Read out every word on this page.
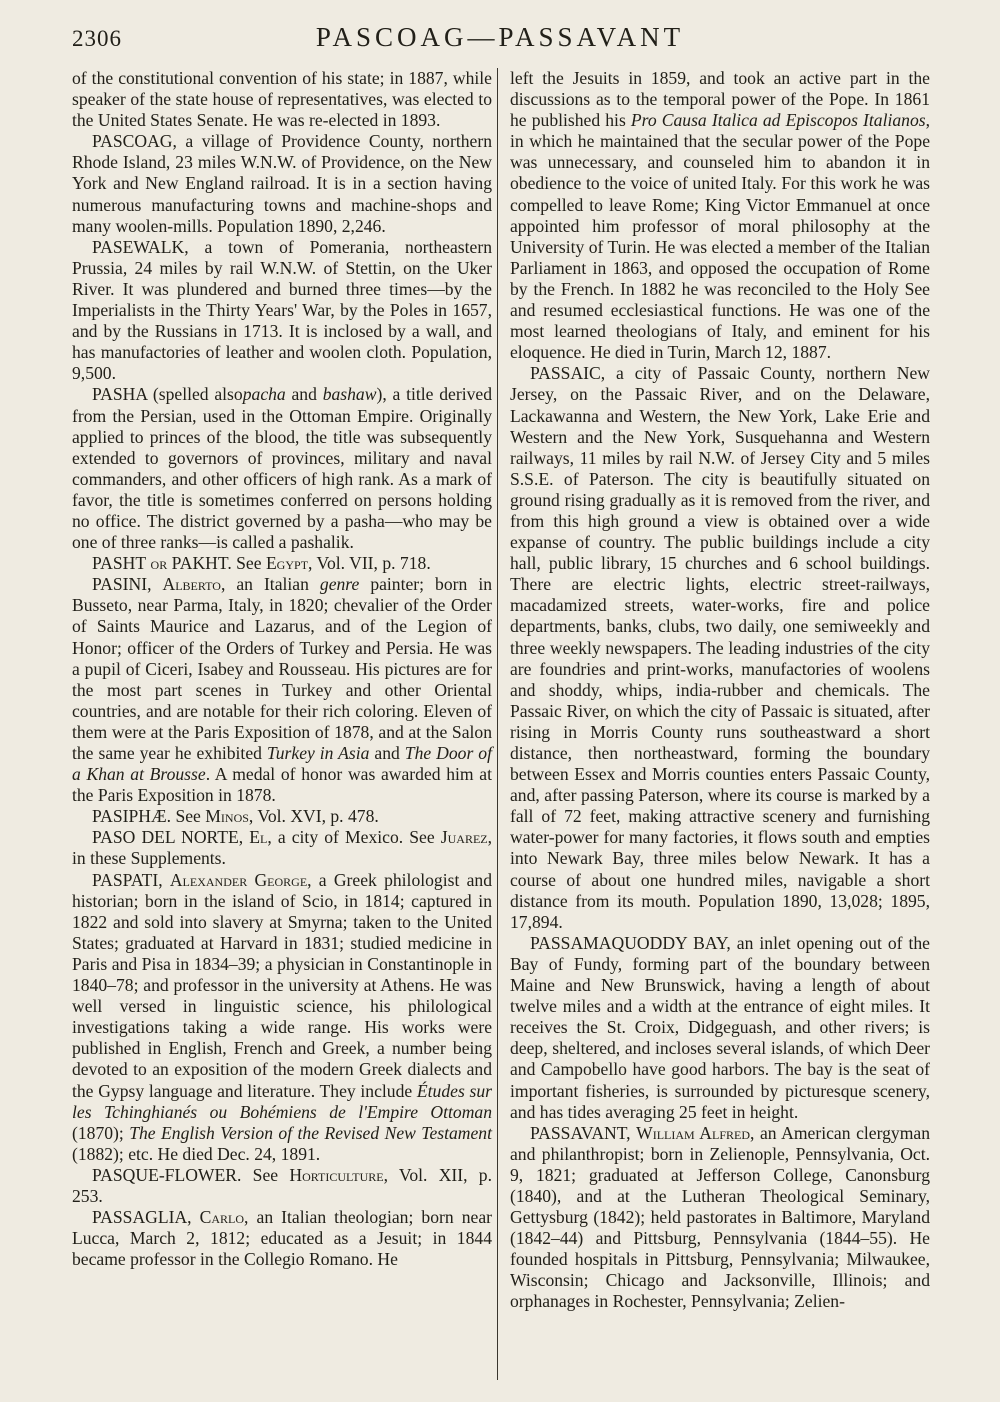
2306	PASCOAG—PASSAVANT

of the constitutional convention of his state; in 1887, while speaker of the state house of representatives, was elected to the United States Senate. He was re-elected in 1893.

PASCOAG, a village of Providence County, northern Rhode Island, 23 miles W.N.W. of Providence, on the New York and New England railroad. It is in a section having numerous manufacturing towns and machine-shops and many woolen-mills. Population 1890, 2,246.

PASEWALK, a town of Pomerania, northeastern Prussia, 24 miles by rail W.N.W. of Stettin, on the Uker River. It was plundered and burned three times—by the Imperialists in the Thirty Years' War, by the Poles in 1657, and by the Russians in 1713. It is inclosed by a wall, and has manufactories of leather and woolen cloth. Population, 9,500.

PASHA (spelled alsopacha and bashaw), a title derived from the Persian, used in the Ottoman Empire. Originally applied to princes of the blood, the title was subsequently extended to governors of provinces, military and naval commanders, and other officers of high rank. As a mark of favor, the title is sometimes conferred on persons holding no office. The district governed by a pasha—who may be one of three ranks—is called a pashalik.

PASHT or PAKHT. See Egypt, Vol. VII, p. 718.

PASINI, Alberto, an Italian genre painter; born in Busseto, near Parma, Italy, in 1820; chevalier of the Order of Saints Maurice and Lazarus, and of the Legion of Honor; officer of the Orders of Turkey and Persia. He was a pupil of Ciceri, Isabey and Rousseau. His pictures are for the most part scenes in Turkey and other Oriental countries, and are notable for their rich coloring. Eleven of them were at the Paris Exposition of 1878, and at the Salon the same year he exhibited Turkey in Asia and The Door of a Khan at Brousse. A medal of honor was awarded him at the Paris Exposition in 1878.

PASIPHÆ. See Minos, Vol. XVI, p. 478.

PASO DEL NORTE, El, a city of Mexico. See Juarez, in these Supplements.

PASPATI, Alexander George, a Greek philologist and historian; born in the island of Scio, in 1814; captured in 1822 and sold into slavery at Smyrna; taken to the United States; graduated at Harvard in 1831; studied medicine in Paris and Pisa in 1834–39; a physician in Constantinople in 1840–78; and professor in the university at Athens. He was well versed in linguistic science, his philological investigations taking a wide range. His works were published in English, French and Greek, a number being devoted to an exposition of the modern Greek dialects and the Gypsy language and literature. They include Études sur les Tchinghianés ou Bohémiens de l'Empire Ottoman (1870); The English Version of the Revised New Testament (1882); etc. He died Dec. 24, 1891.

PASQUE-FLOWER. See Horticulture, Vol. XII, p. 253.

PASSAGLIA, Carlo, an Italian theologian; born near Lucca, March 2, 1812; educated as a Jesuit; in 1844 became professor in the Collegio Romano. He

left the Jesuits in 1859, and took an active part in the discussions as to the temporal power of the Pope. In 1861 he published his Pro Causa Italica ad Episcopos Italianos, in which he maintained that the secular power of the Pope was unnecessary, and counseled him to abandon it in obedience to the voice of united Italy. For this work he was compelled to leave Rome; King Victor Emmanuel at once appointed him professor of moral philosophy at the University of Turin. He was elected a member of the Italian Parliament in 1863, and opposed the occupation of Rome by the French. In 1882 he was reconciled to the Holy See and resumed ecclesiastical functions. He was one of the most learned theologians of Italy, and eminent for his eloquence. He died in Turin, March 12, 1887.

PASSAIC, a city of Passaic County, northern New Jersey, on the Passaic River, and on the Delaware, Lackawanna and Western, the New York, Lake Erie and Western and the New York, Susquehanna and Western railways, 11 miles by rail N.W. of Jersey City and 5 miles S.S.E. of Paterson. The city is beautifully situated on ground rising gradually as it is removed from the river, and from this high ground a view is obtained over a wide expanse of country. The public buildings include a city hall, public library, 15 churches and 6 school buildings. There are electric lights, electric street-railways, macadamized streets, water-works, fire and police departments, banks, clubs, two daily, one semiweekly and three weekly newspapers. The leading industries of the city are foundries and print-works, manufactories of woolens and shoddy, whips, india-rubber and chemicals. The Passaic River, on which the city of Passaic is situated, after rising in Morris County runs southeastward a short distance, then northeastward, forming the boundary between Essex and Morris counties enters Passaic County, and, after passing Paterson, where its course is marked by a fall of 72 feet, making attractive scenery and furnishing water-power for many factories, it flows south and empties into Newark Bay, three miles below Newark. It has a course of about one hundred miles, navigable a short distance from its mouth. Population 1890, 13,028; 1895, 17,894.

PASSAMAQUODDY BAY, an inlet opening out of the Bay of Fundy, forming part of the boundary between Maine and New Brunswick, having a length of about twelve miles and a width at the entrance of eight miles. It receives the St. Croix, Didgeguash, and other rivers; is deep, sheltered, and incloses several islands, of which Deer and Campobello have good harbors. The bay is the seat of important fisheries, is surrounded by picturesque scenery, and has tides averaging 25 feet in height.

PASSAVANT, William Alfred, an American clergyman and philanthropist; born in Zelienople, Pennsylvania, Oct. 9, 1821; graduated at Jefferson College, Canonsburg (1840), and at the Lutheran Theological Seminary, Gettysburg (1842); held pastorates in Baltimore, Maryland (1842–44) and Pittsburg, Pennsylvania (1844–55). He founded hospitals in Pittsburg, Pennsylvania; Milwaukee, Wisconsin; Chicago and Jacksonville, Illinois; and orphanages in Rochester, Pennsylvania; Zelien-
